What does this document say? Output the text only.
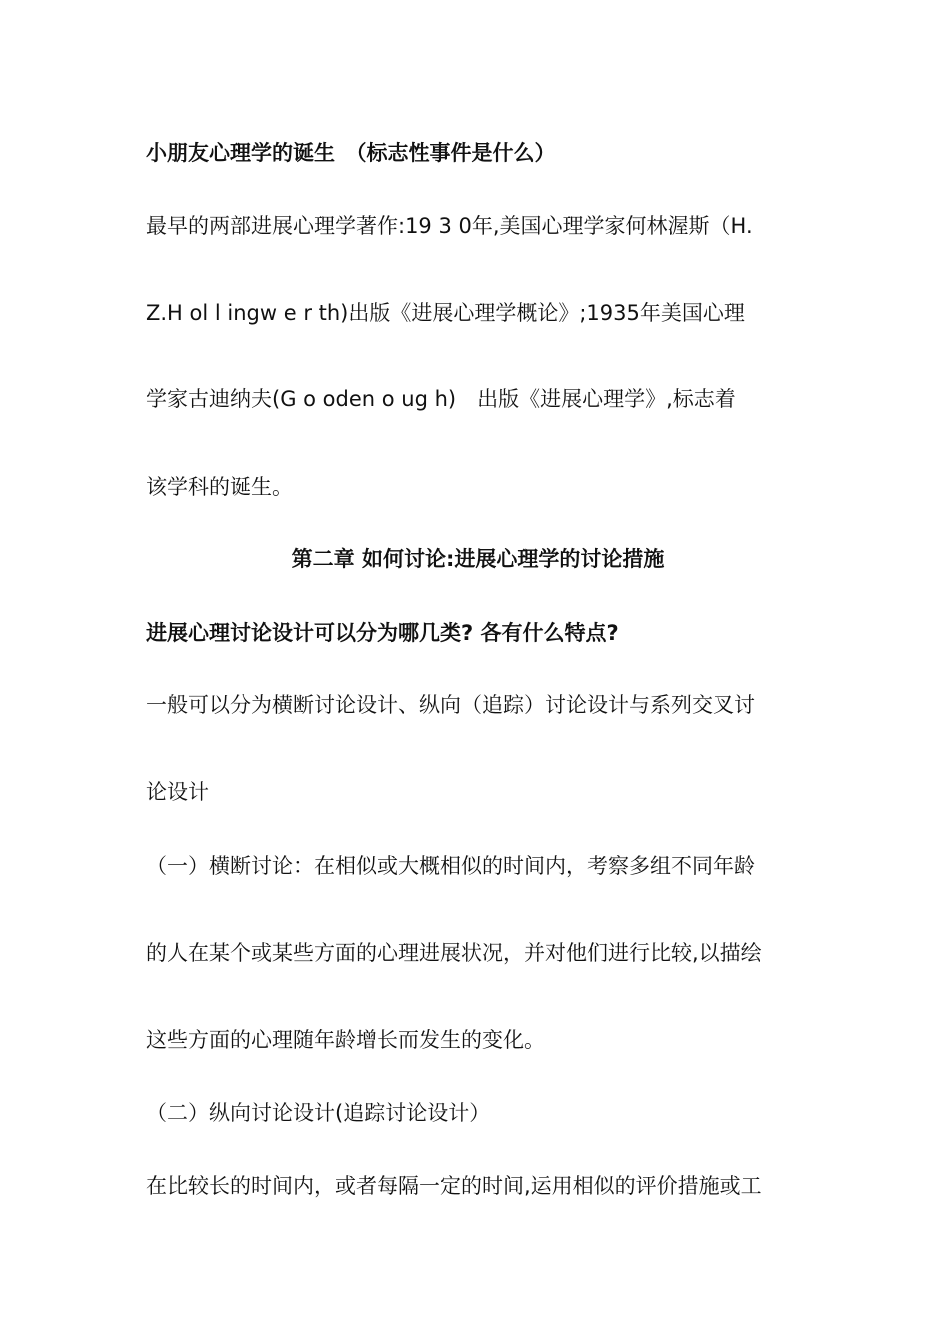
小朋友心理学的诞生　（标志性事件是什么）
最早的两部进展心理学著作:19 3 0年,美国心理学家何林渥斯（H.
Z.H ol l ingw e r th)出版《进展心理学概论》;1935年美国心理
学家古迪纳夫(G o oden o ug h)　出版《进展心理学》,标志着
该学科的诞生。
第二章 如何讨论:进展心理学的讨论措施
进展心理讨论设计可以分为哪几类? 各有什么特点?
一般可以分为横断讨论设计、纵向（追踪）讨论设计与系列交叉讨
论设计
（一）横断讨论：在相似或大概相似的时间内，考察多组不同年龄
的人在某个或某些方面的心理进展状况，并对他们进行比较,以描绘
这些方面的心理随年龄增长而发生的变化。
（二）纵向讨论设计(追踪讨论设计）
在比较长的时间内，或者每隔一定的时间,运用相似的评价措施或工
